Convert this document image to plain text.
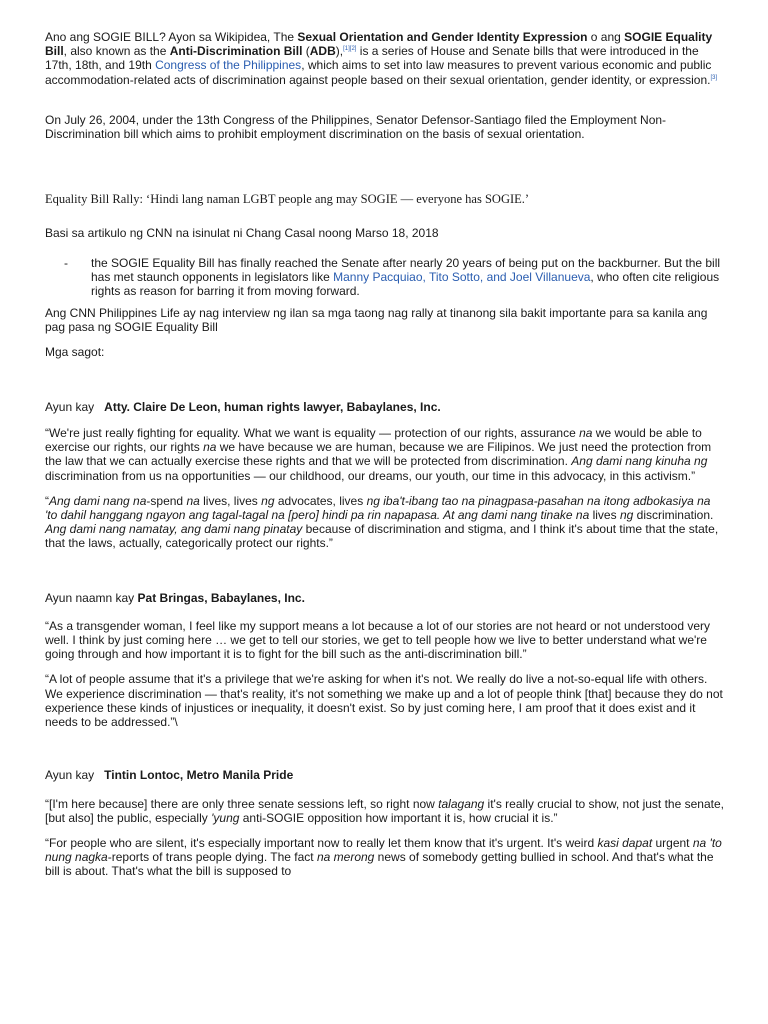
Ano ang SOGIE BILL? Ayon sa Wikipidea, The Sexual Orientation and Gender Identity Expression o ang SOGIE Equality Bill, also known as the Anti-Discrimination Bill (ADB),[1][2] is a series of House and Senate bills that were introduced in the 17th, 18th, and 19th Congress of the Philippines, which aims to set into law measures to prevent various economic and public accommodation-related acts of discrimination against people based on their sexual orientation, gender identity, or expression.[3]

On July 26, 2004, under the 13th Congress of the Philippines, Senator Defensor-Santiago filed the Employment Non-Discrimination bill which aims to prohibit employment discrimination on the basis of sexual orientation.

Equality Bill Rally: ‘Hindi lang naman LGBT people ang may SOGIE — everyone has SOGIE.’

Basi sa artikulo ng CNN na isinulat ni Chang Casal noong Marso 18, 2018

- the SOGIE Equality Bill has finally reached the Senate after nearly 20 years of being put on the backburner. But the bill has met staunch opponents in legislators like Manny Pacquiao, Tito Sotto, and Joel Villanueva, who often cite religious rights as reason for barring it from moving forward.

Ang CNN Philippines Life ay nag interview ng ilan sa mga taong nag rally at tinanong sila bakit importante para sa kanila ang pag pasa ng SOGIE Equality Bill

Mga sagot:

Ayun kay   Atty. Claire De Leon, human rights lawyer, Babaylanes, Inc.

“We're just really fighting for equality. What we want is equality — protection of our rights, assurance na we would be able to exercise our rights, our rights na we have because we are human, because we are Filipinos. We just need the protection from the law that we can actually exercise these rights and that we will be protected from discrimination. Ang dami nang kinuha ng discrimination from us na opportunities — our childhood, our dreams, our youth, our time in this advocacy, in this activism.”

“Ang dami nang na-spend na lives, lives ng advocates, lives ng iba't-ibang tao na pinagpasa-pasahan na itong adbokasiya na 'to dahil hanggang ngayon ang tagal-tagal na [pero] hindi pa rin napapasa. At ang dami nang tinake na lives ng discrimination. Ang dami nang namatay, ang dami nang pinatay because of discrimination and stigma, and I think it's about time that the state, that the laws, actually, categorically protect our rights.”

Ayun naamn kay Pat Bringas, Babaylanes, Inc.

“As a transgender woman, I feel like my support means a lot because a lot of our stories are not heard or not understood very well. I think by just coming here … we get to tell our stories, we get to tell people how we live to better understand what we're going through and how important it is to fight for the bill such as the anti-discrimination bill.”

“A lot of people assume that it's a privilege that we're asking for when it's not. We really do live a not-so-equal life with others. We experience discrimination — that's reality, it's not something we make up and a lot of people think [that] because they do not experience these kinds of injustices or inequality, it doesn't exist. So by just coming here, I am proof that it does exist and it needs to be addressed.”\

Ayun kay   Tintin Lontoc, Metro Manila Pride

“[I'm here because] there are only three senate sessions left, so right now talagang it's really crucial to show, not just the senate, [but also] the public, especially 'yung anti-SOGIE opposition how important it is, how crucial it is.”

“For people who are silent, it's especially important now to really let them know that it's urgent. It's weird kasi dapat urgent na 'to nung nagka-reports of trans people dying. The fact na merong news of somebody getting bullied in school. And that's what the bill is about. That's what the bill is supposed to
